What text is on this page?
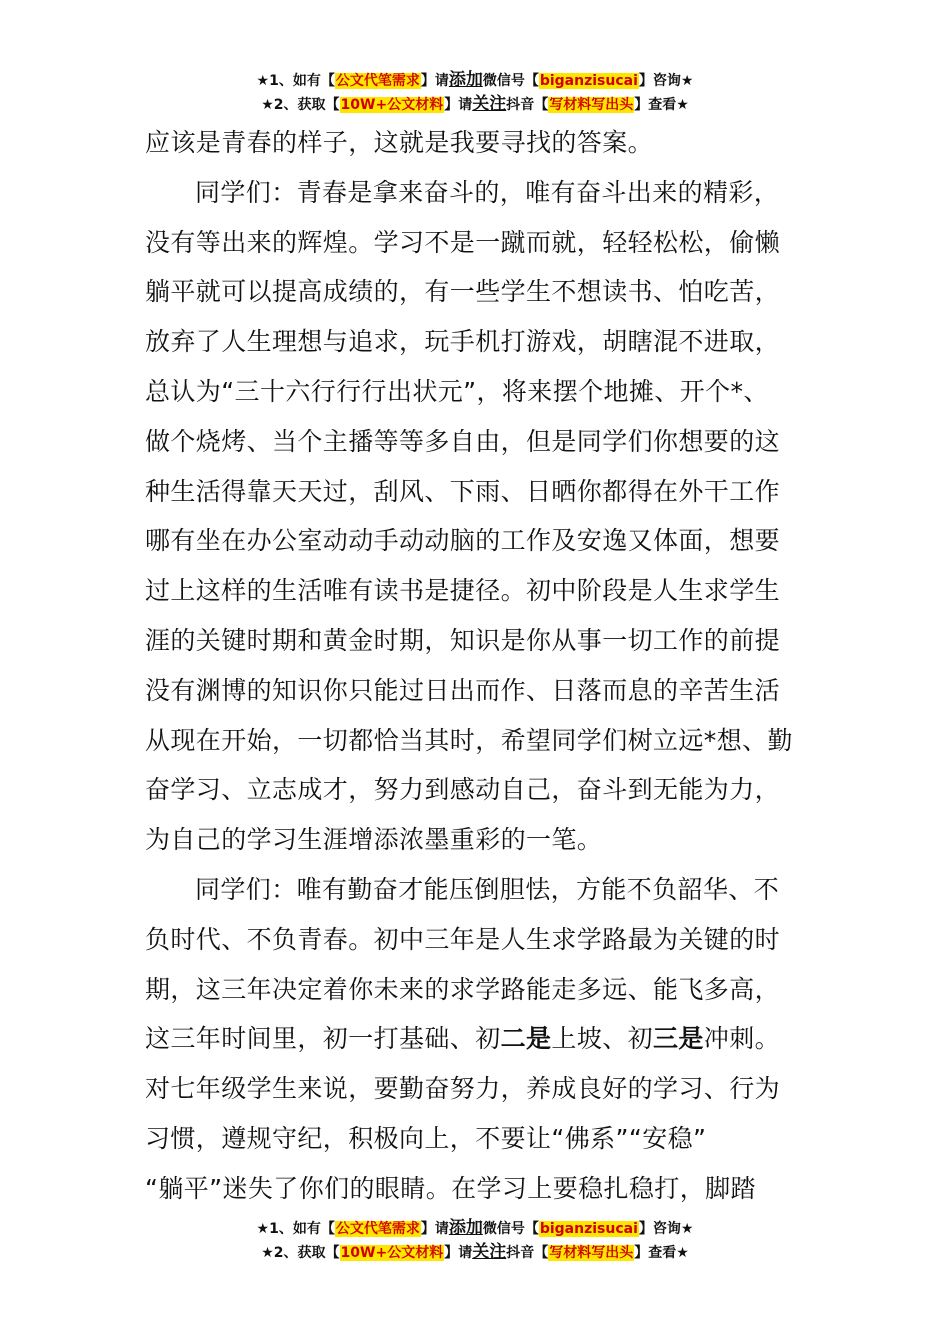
★1、如有【公文代笔需求】请添加微信号【biganzisucai】咨询★
★2、获取【10W+公文材料】请关注抖音【写材料写出头】查看★
应该是青春的样子，这就是我要寻找的答案。
同学们：青春是拿来奋斗的，唯有奋斗出来的精彩，
没有等出来的辉煌。学习不是一蹴而就，轻轻松松，偷懒
躺平就可以提高成绩的，有一些学生不想读书、怕吃苦，
放弃了人生理想与追求，玩手机打游戏，胡瞎混不进取，
总认为“三十六行行行出状元”，将来摆个地摊、开个*、
做个烧烤、当个主播等等多自由，但是同学们你想要的这
种生活得靠天天过，刮风、下雨、日晒你都得在外干工作
哪有坐在办公室动动手动动脑的工作及安逸又体面，想要
过上这样的生活唯有读书是捷径。初中阶段是人生求学生
涯的关键时期和黄金时期，知识是你从事一切工作的前提
没有渊博的知识你只能过日出而作、日落而息的辛苦生活
从现在开始，一切都恰当其时，希望同学们树立远*想、勤
奋学习、立志成才，努力到感动自己，奋斗到无能为力，
为自己的学习生涯增添浓墨重彩的一笔。
同学们：唯有勤奋才能压倒胆怯，方能不负韶华、不
负时代、不负青春。初中三年是人生求学路最为关键的时
期，这三年决定着你未来的求学路能走多远、能飞多高，
这三年时间里，初一打基础、初二是上坡、初三是冲刺。
对七年级学生来说，要勤奋努力，养成良好的学习、行为
习惯，遵规守纪，积极向上，不要让“佛系”“安稳”
“躺平”迷失了你们的眼睛。在学习上要稳扎稳打，脚踏
★1、如有【公文代笔需求】请添加微信号【biganzisucai】咨询★
★2、获取【10W+公文材料】请关注抖音【写材料写出头】查看★
